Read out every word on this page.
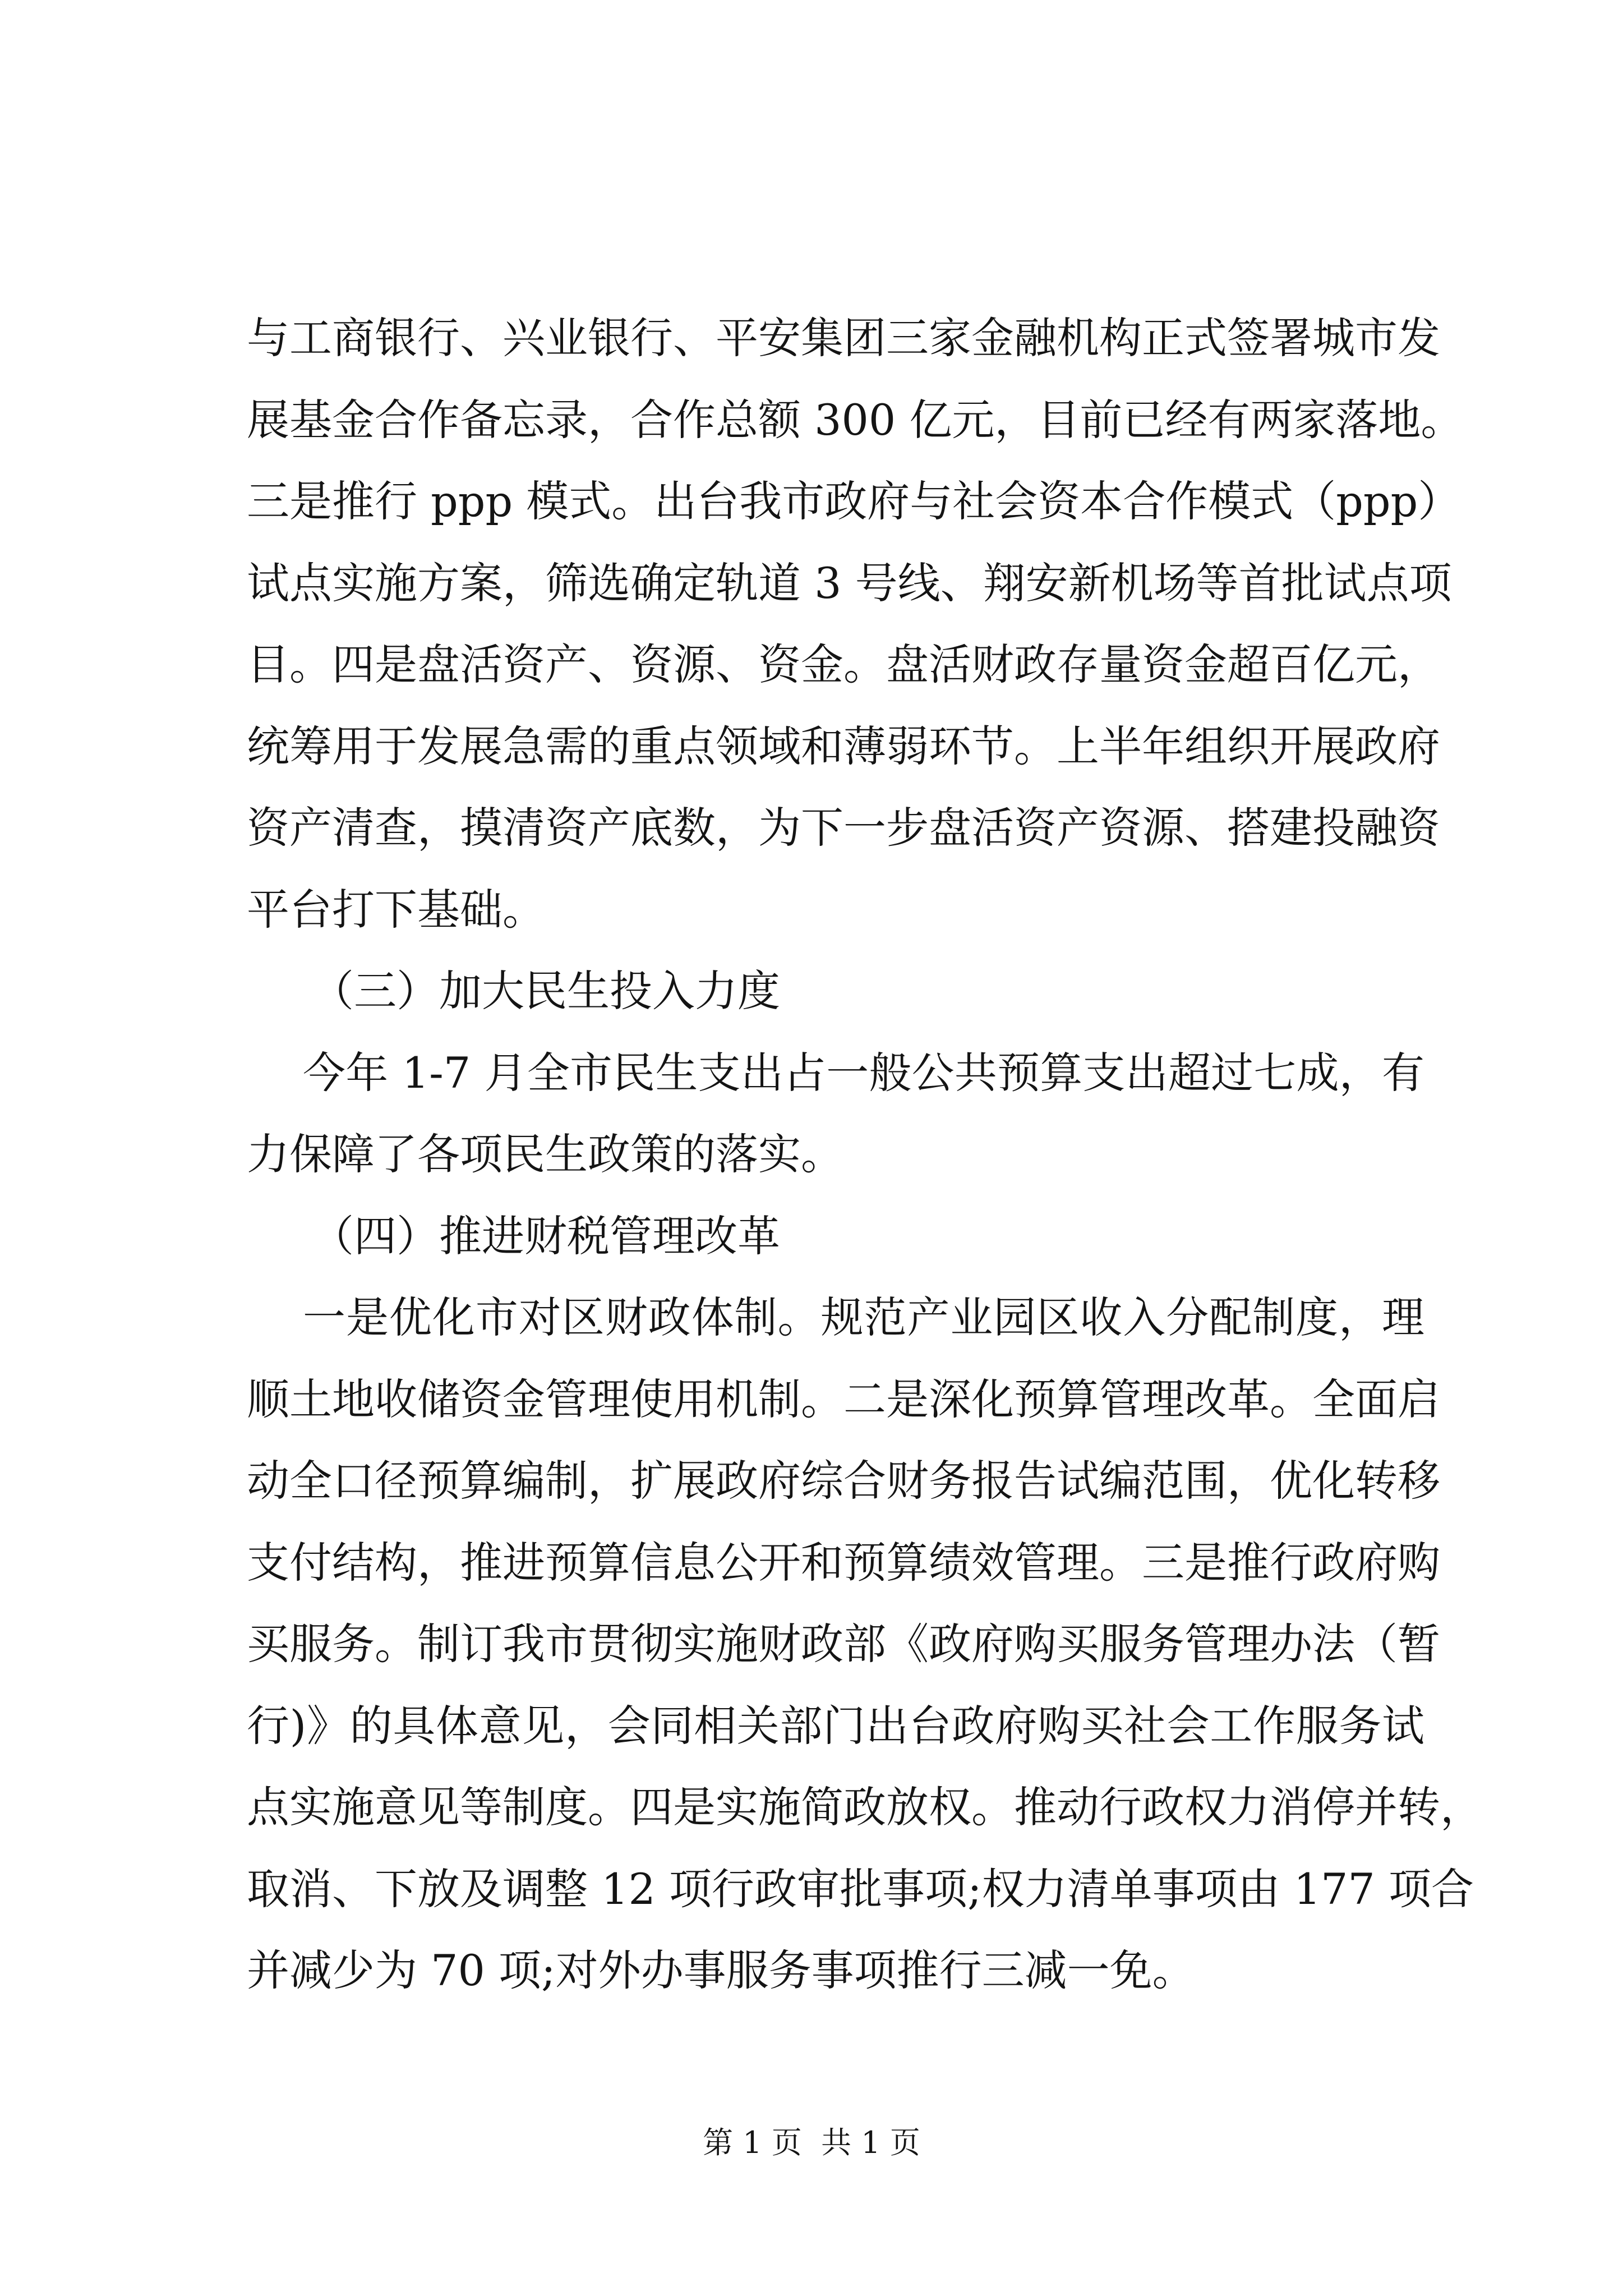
与工商银行、兴业银行、平安集团三家金融机构正式签署城市发
展基金合作备忘录，合作总额 300 亿元，目前已经有两家落地。
三是推行 ppp 模式。出台我市政府与社会资本合作模式（ppp）
试点实施方案，筛选确定轨道 3 号线、翔安新机场等首批试点项
目。四是盘活资产、资源、资金。盘活财政存量资金超百亿元，
统筹用于发展急需的重点领域和薄弱环节。上半年组织开展政府
资产清查，摸清资产底数，为下一步盘活资产资源、搭建投融资
平台打下基础。
（三）加大民生投入力度
今年 1-7 月全市民生支出占一般公共预算支出超过七成，有
力保障了各项民生政策的落实。
（四）推进财税管理改革
一是优化市对区财政体制。规范产业园区收入分配制度，理
顺土地收储资金管理使用机制。二是深化预算管理改革。全面启
动全口径预算编制，扩展政府综合财务报告试编范围，优化转移
支付结构，推进预算信息公开和预算绩效管理。三是推行政府购
买服务。制订我市贯彻实施财政部《政府购买服务管理办法（暂
行)》的具体意见，会同相关部门出台政府购买社会工作服务试
点实施意见等制度。四是实施简政放权。推动行政权力消停并转，
取消、下放及调整 12 项行政审批事项;权力清单事项由 177 项合
并减少为 70 项;对外办事服务事项推行三减一免。
第 1 页  共 1 页
